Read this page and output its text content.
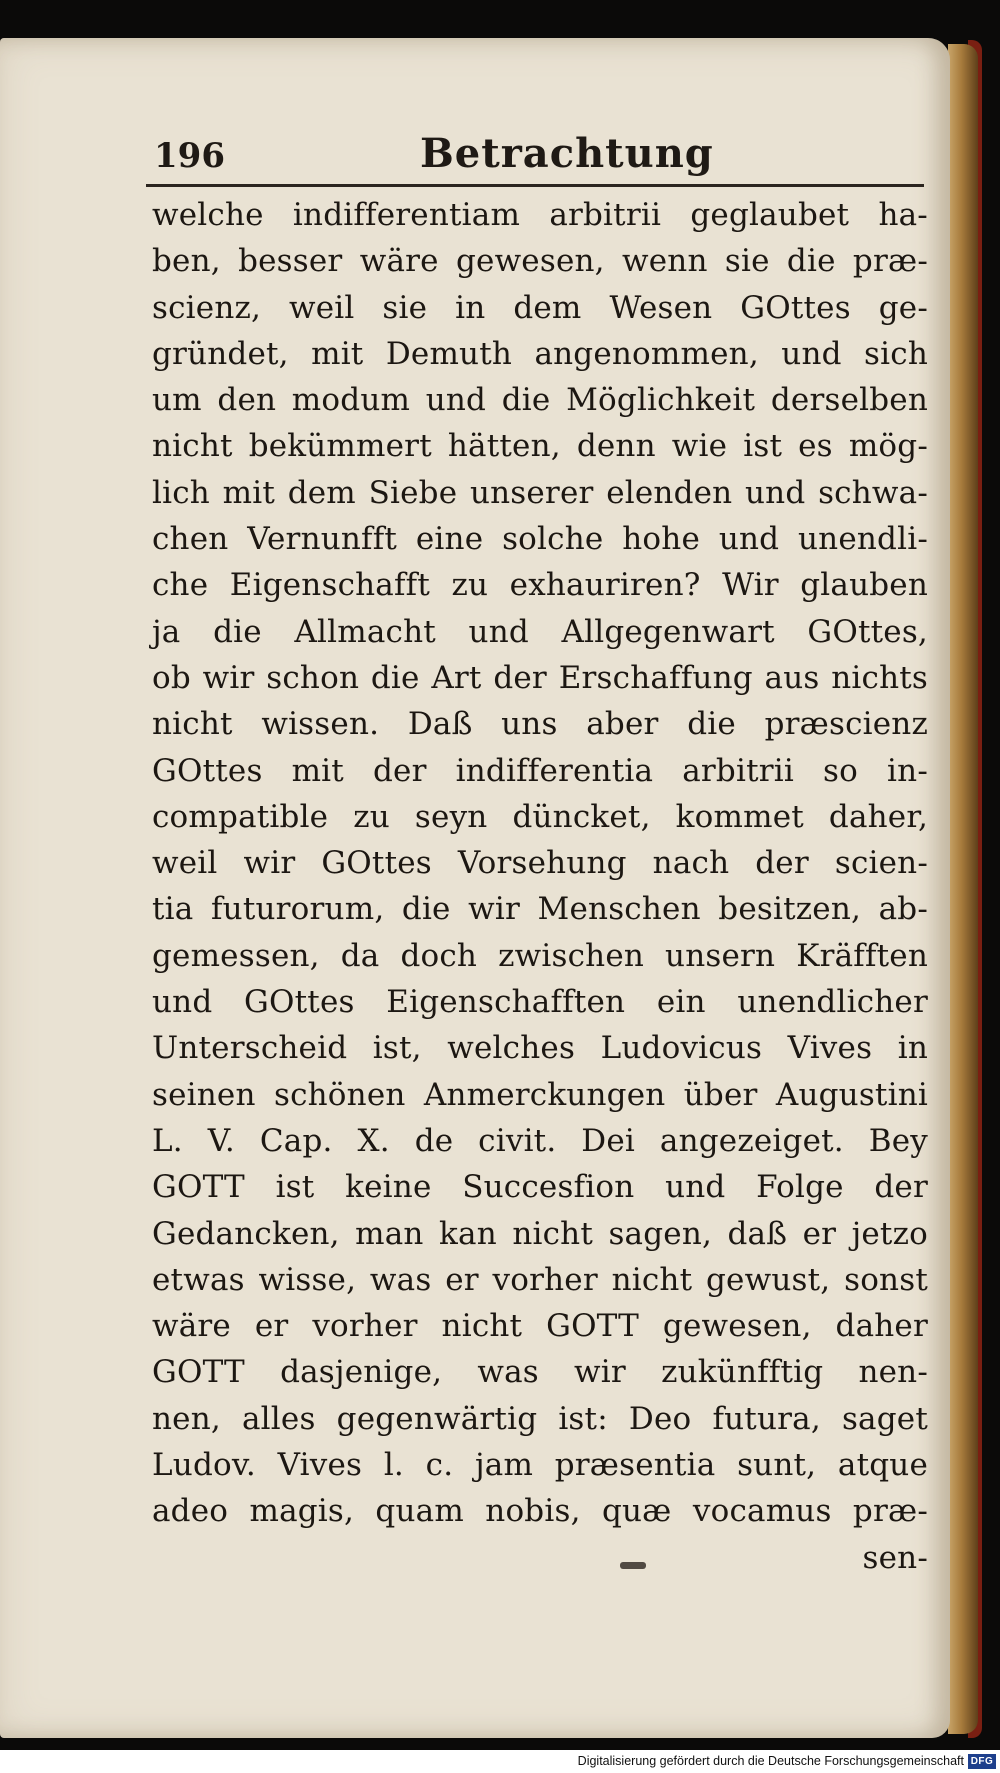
196	Betrachtung
welche indifferentiam arbitrii geglaubet ha-
ben, besser wäre gewesen, wenn sie die præ-
scienz, weil sie in dem Wesen GOttes ge-
gründet, mit Demuth angenommen, und sich
um den modum und die Möglichkeit derselben
nicht bekümmert hätten, denn wie ist es mög-
lich mit dem Siebe unserer elenden und schwa-
chen Vernunfft eine solche hohe und unendli-
che Eigenschafft zu exhauriren? Wir glauben
ja die Allmacht und Allgegenwart GOttes,
ob wir schon die Art der Erschaffung aus nichts
nicht wissen. Daß uns aber die præscienz
GOttes mit der indifferentia arbitrii so in-
compatible zu seyn düncket, kommet daher,
weil wir GOttes Vorsehung nach der scien-
tia futurorum, die wir Menschen besitzen, ab-
gemessen, da doch zwischen unsern Kräfften
und GOttes Eigenschafften ein unendlicher
Unterscheid ist, welches Ludovicus Vives in
seinen schönen Anmerckungen über Augustini
L. V. Cap. X. de civit. Dei angezeiget. Bey
GOTT ist keine Succesfion und Folge der
Gedancken, man kan nicht sagen, daß er jetzo
etwas wisse, was er vorher nicht gewust, sonst
wäre er vorher nicht GOTT gewesen, daher
GOTT dasjenige, was wir zukünfftig nen-
nen, alles gegenwärtig ist: Deo futura, saget
Ludov. Vives l. c. jam præsentia sunt, atque
adeo magis, quam nobis, quæ vocamus præ-
sen-
Digitalisierung gefördert durch die Deutsche Forschungsgemeinschaft DFG
